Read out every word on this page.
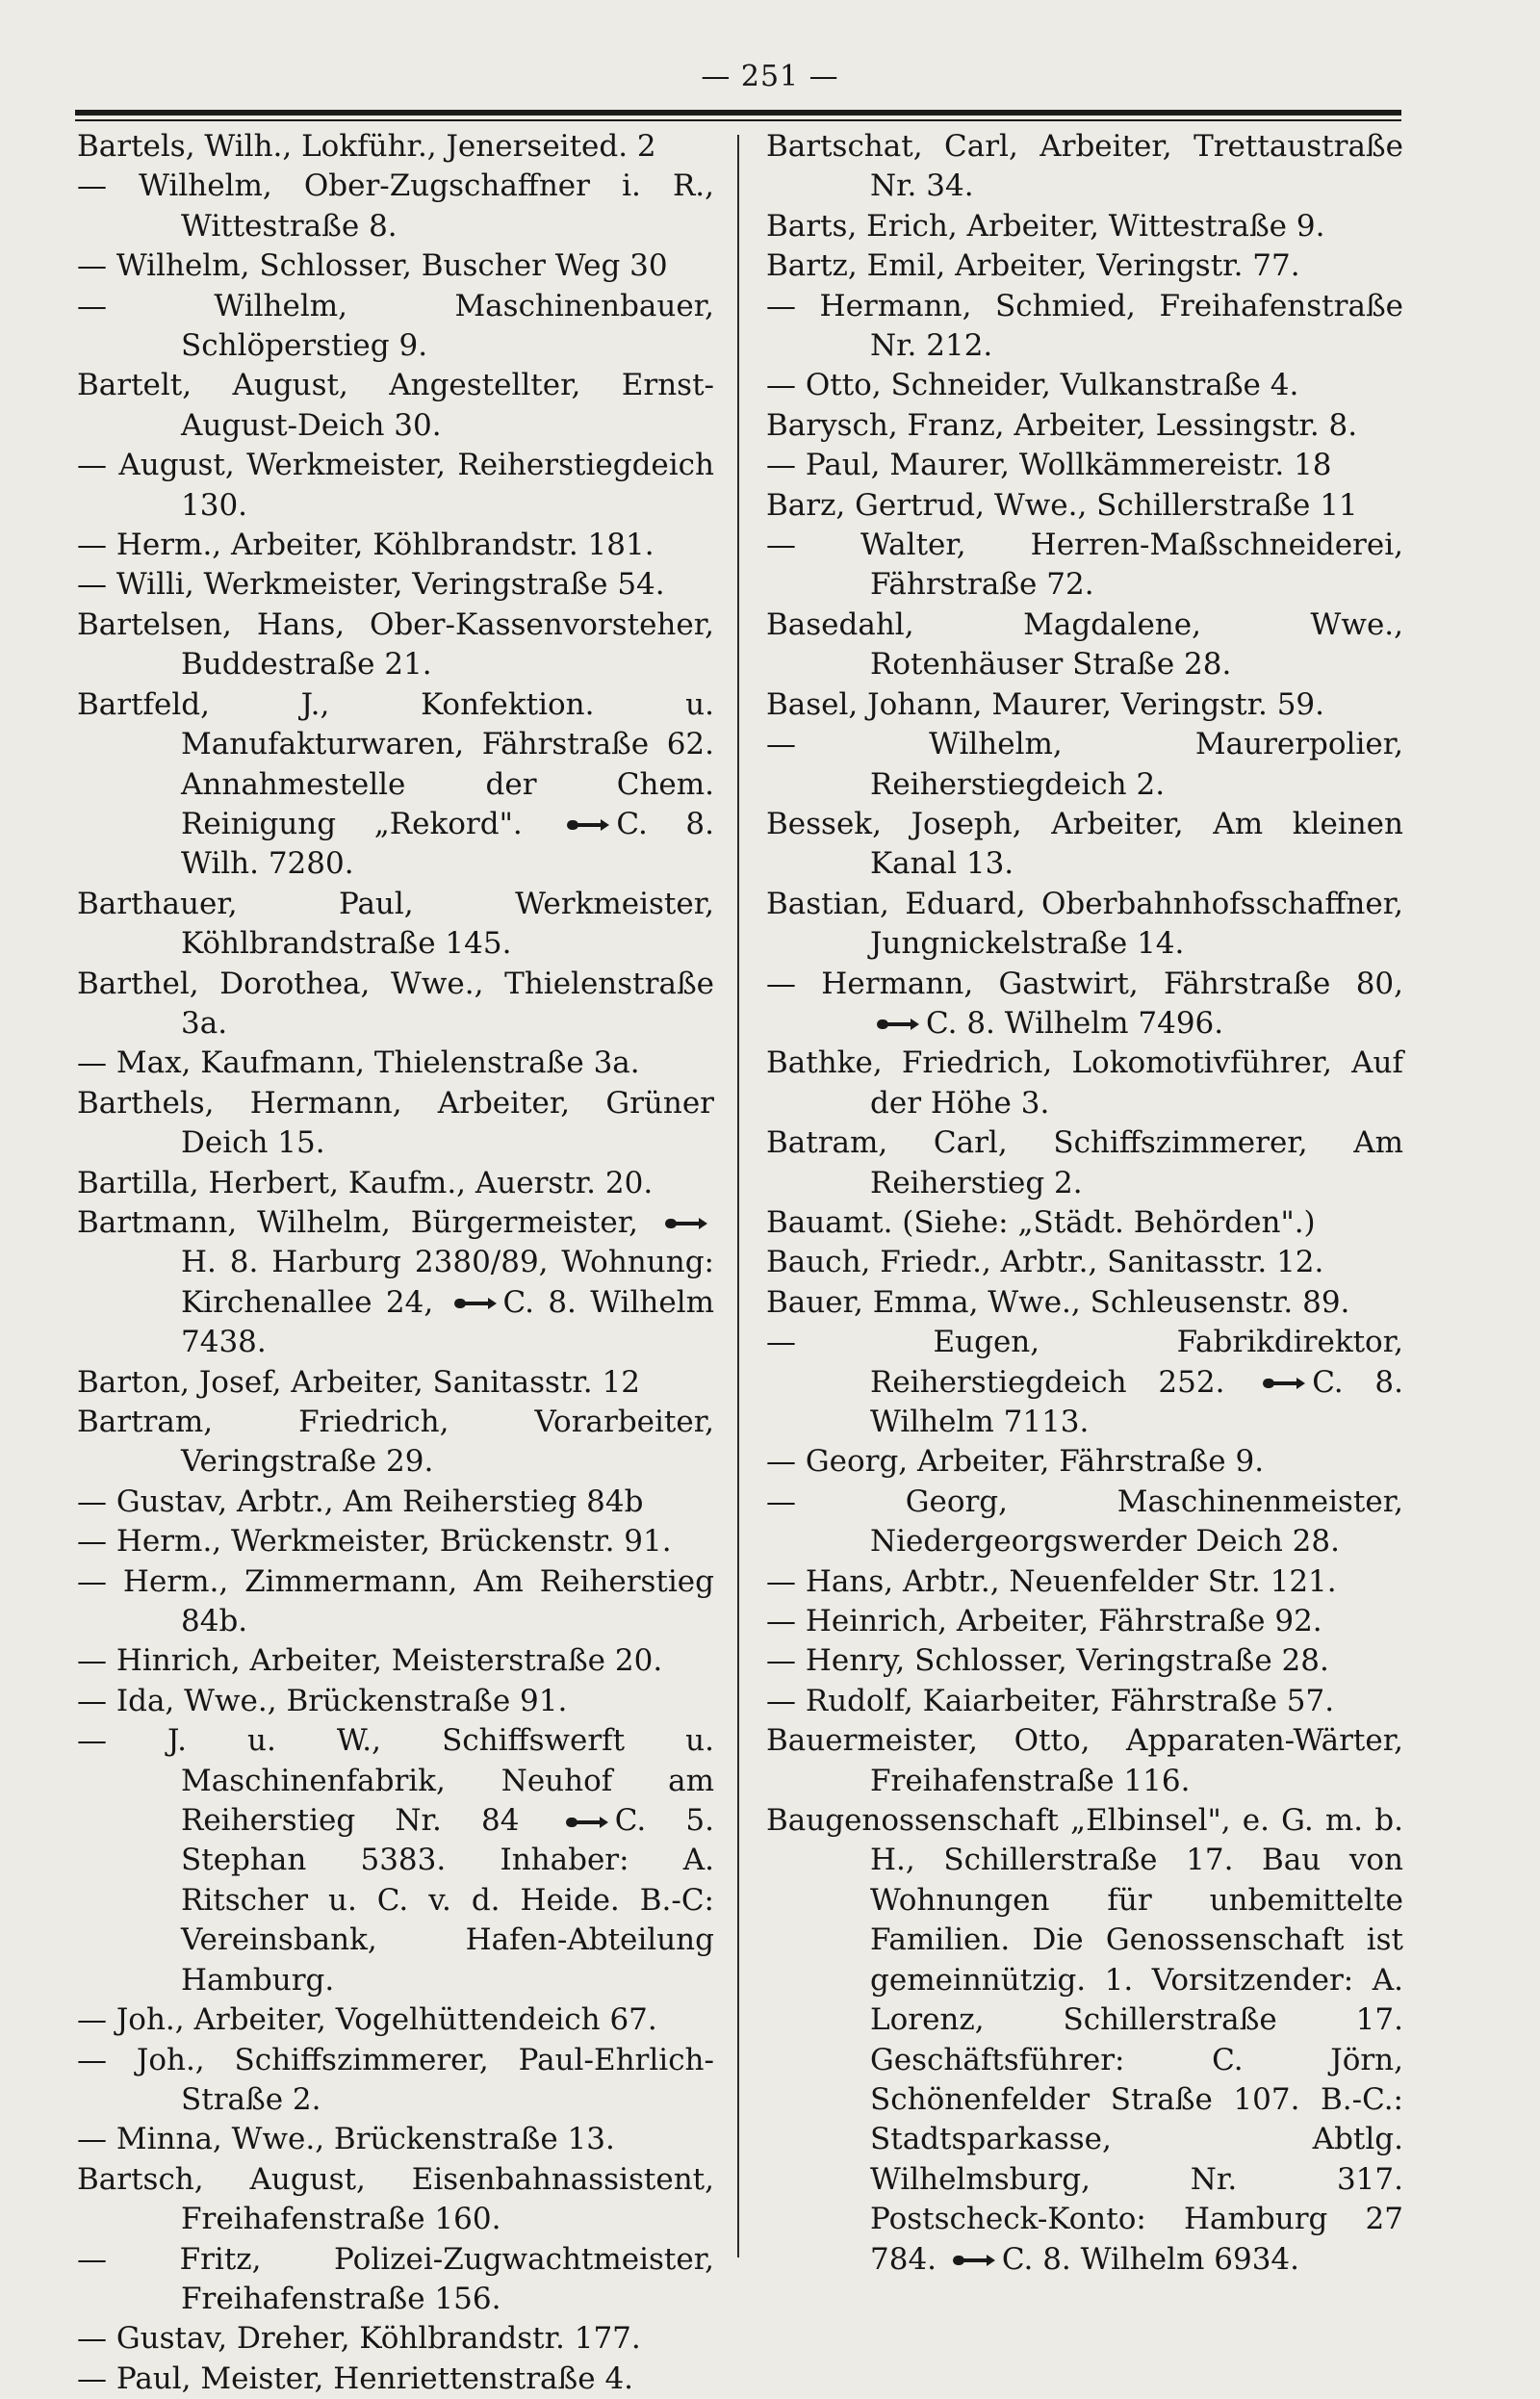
— 251 —
Bartels, Wilh., Lokführ., Jenerseited. 2
— Wilhelm, Ober-Zugschaffner i. R., Wittestraße 8.
— Wilhelm, Schlosser, Buscher Weg 30
— Wilhelm, Maschinenbauer, Schlöperstieg 9.
Bartelt, August, Angestellter, Ernst-August-Deich 30.
— August, Werkmeister, Reiherstiegdeich 130.
— Herm., Arbeiter, Köhlbrandstr. 181.
— Willi, Werkmeister, Veringstraße 54.
Bartelsen, Hans, Ober-Kassenvorsteher, Buddestraße 21.
Bartfeld, J., Konfektion. u. Manufakturwaren, Fährstraße 62. Annahmestelle der Chem. Reinigung „Rekord".	C. 8. Wilh. 7280.
Barthauer, Paul, Werkmeister, Köhlbrandstraße 145.
Barthel, Dorothea, Wwe., Thielenstraße 3a.
— Max, Kaufmann, Thielenstraße 3a.
Barthels, Hermann, Arbeiter, Grüner Deich 15.
Bartilla, Herbert, Kaufm., Auerstr. 20.
Bartmann, Wilhelm, Bürgermeister, H. 8. Harburg 2380/89, Wohnung: Kirchenallee 24, C. 8. Wilhelm 7438.
Barton, Josef, Arbeiter, Sanitasstr. 12
Bartram, Friedrich, Vorarbeiter, Veringstraße 29.
— Gustav, Arbtr., Am Reiherstieg 84b
— Herm., Werkmeister, Brückenstr. 91.
— Herm., Zimmermann, Am Reiherstieg 84b.
— Hinrich, Arbeiter, Meisterstraße 20.
— Ida, Wwe., Brückenstraße 91.
— J. u. W., Schiffswerft u. Maschinenfabrik, Neuhof am Reiherstieg Nr. 84	C. 5. Stephan 5383. Inhaber: A. Ritscher u. C. v. d. Heide. B.-C: Vereinsbank, Hafen-Abteilung Hamburg.
— Joh., Arbeiter, Vogelhüttendeich 67.
— Joh., Schiffszimmerer, Paul-Ehrlich-Straße 2.
— Minna, Wwe., Brückenstraße 13.
Bartsch, August, Eisenbahnassistent, Freihafenstraße 160.
— Fritz, Polizei-Zugwachtmeister, Freihafenstraße 156.
— Gustav, Dreher, Köhlbrandstr. 177.
— Paul, Meister, Henriettenstraße 4.
Bartschat, Carl, Arbeiter, Trettaustraße Nr. 34.
Barts, Erich, Arbeiter, Wittestraße 9.
Bartz, Emil, Arbeiter, Veringstr. 77.
— Hermann, Schmied, Freihafenstraße Nr. 212.
— Otto, Schneider, Vulkanstraße 4.
Barysch, Franz, Arbeiter, Lessingstr. 8.
— Paul, Maurer, Wollkämmereistr. 18
Barz, Gertrud, Wwe., Schillerstraße 11
— Walter, Herren-Maßschneiderei, Fährstraße 72.
Basedahl, Magdalene, Wwe., Rotenhäuser Straße 28.
Basel, Johann, Maurer, Veringstr. 59.
— Wilhelm, Maurerpolier, Reiherstiegdeich 2.
Bessek, Joseph, Arbeiter, Am kleinen Kanal 13.
Bastian, Eduard, Oberbahnhofsschaffner, Jungnickelstraße 14.
— Hermann, Gastwirt, Fährstraße 80, C. 8. Wilhelm 7496.
Bathke, Friedrich, Lokomotivführer, Auf der Höhe 3.
Batram, Carl, Schiffszimmerer, Am Reiherstieg 2.
Bauamt. (Siehe: „Städt. Behörden".)
Bauch, Friedr., Arbtr., Sanitasstr. 12.
Bauer, Emma, Wwe., Schleusenstr. 89.
— Eugen, Fabrikdirektor, Reiherstiegdeich 252.	C. 8. Wilhelm 7113.
— Georg, Arbeiter, Fährstraße 9.
— Georg, Maschinenmeister, Niedergeorgswerder Deich 28.
— Hans, Arbtr., Neuenfelder Str. 121.
— Heinrich, Arbeiter, Fährstraße 92.
— Henry, Schlosser, Veringstraße 28.
— Rudolf, Kaiarbeiter, Fährstraße 57.
Bauermeister, Otto, Apparaten-Wärter, Freihafenstraße 116.
Baugenossenschaft „Elbinsel", e. G. m. b. H., Schillerstraße 17. Bau von Wohnungen für unbemittelte Familien. Die Genossenschaft ist gemeinnützig. 1. Vorsitzender: A. Lorenz, Schillerstraße 17. Geschäftsführer: C. Jörn, Schönenfelder Straße 107. B.-C.: Stadtsparkasse, Abtlg. Wilhelmsburg, Nr. 317. Postscheck-Konto: Hamburg 27 784. C. 8. Wilhelm 6934.
